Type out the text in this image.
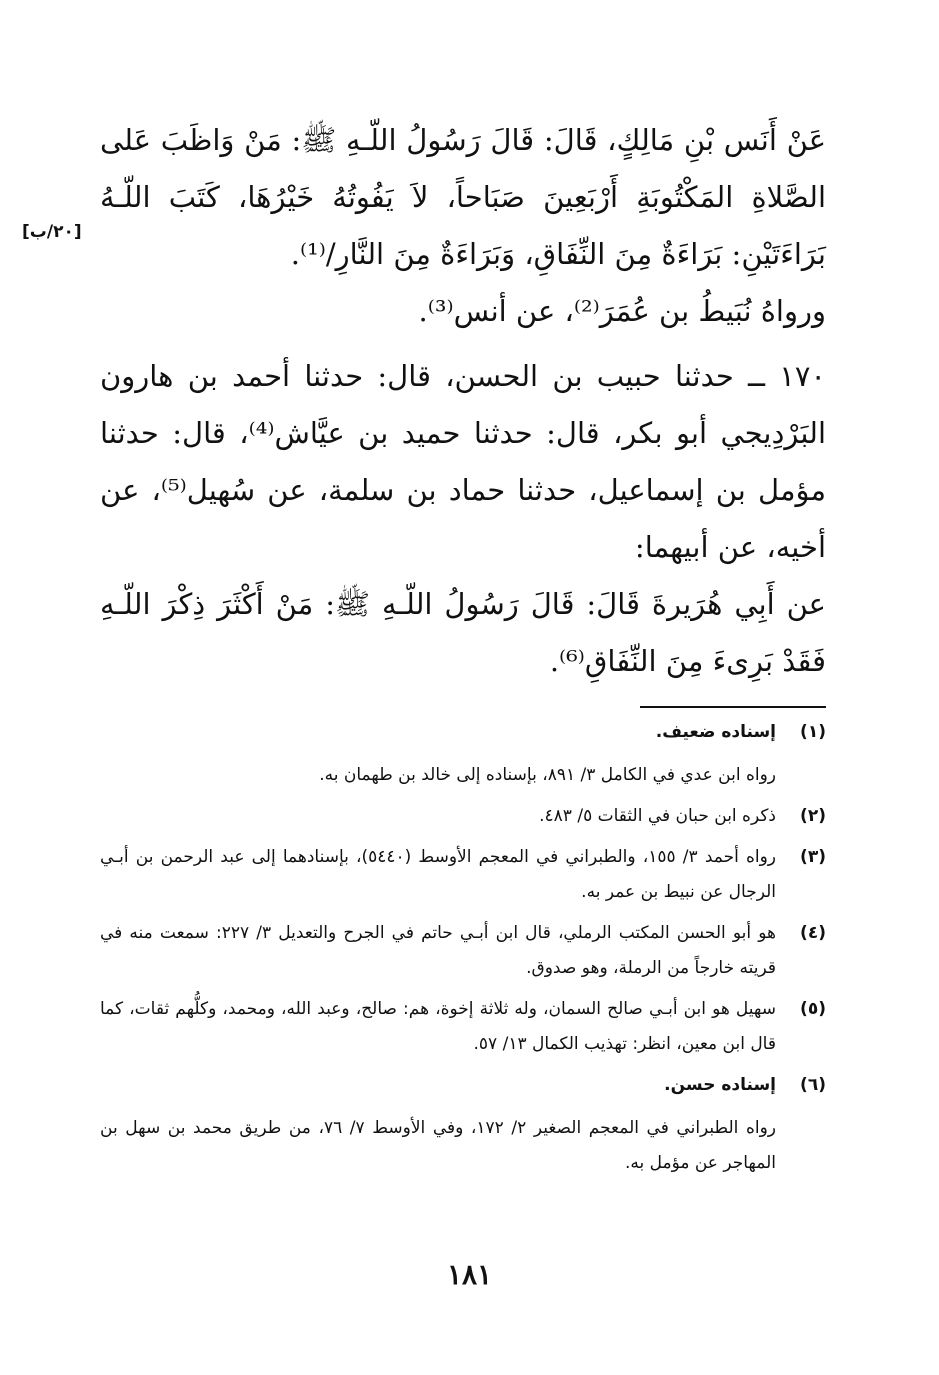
عَنْ أَنَس بْنِ مَالِكٍ، قَالَ: قَالَ رَسُولُ اللّـهِ ﷺ: مَنْ وَاظَبَ عَلى الصَّلاةِ المَكْتُوبَةِ أَرْبَعِينَ صَبَاحاً، لاَ يَفُوتُهُ خَيْرُهَا، كَتَبَ اللّـهُ بَرَاءَتَيْنِ: بَرَاءَةٌ مِنَ النِّفَاقِ، وَبَرَاءَةٌ مِنَ النَّارِ/⁽¹⁾.

[٢٠/ب]

ورواهُ نُبَيطُ بن عُمَرَ⁽²⁾، عن أنس⁽³⁾.

١٧٠ ــ حدثنا حبيب بن الحسن، قال: حدثنا أحمد بن هارون البَرْدِيجي أبو بكر، قال: حدثنا حميد بن عيَّاش⁽⁴⁾، قال: حدثنا مؤمل بن إسماعيل، حدثنا حماد بن سلمة، عن سُهيل⁽⁵⁾، عن أخيه، عن أبيهما:

عن أَبِي هُرَيرةَ قَالَ: قَالَ رَسُولُ اللّـهِ ﷺ: مَنْ أَكْثَرَ ذِكْرَ اللّـهِ فَقَدْ بَرِىءَ مِنَ النِّفَاقِ⁽⁶⁾.

(١)
إسناده ضعيف.

رواه ابن عدي في الكامل ٣/ ٨٩١، بإسناده إلى خالد بن طهمان به.

(٢)
ذكره ابن حبان في الثقات ٥/ ٤٨٣.
(٣)
رواه أحمد ٣/ ١٥٥، والطبراني في المعجم الأوسط (٥٤٤٠)، بإسنادهما إلى عبد الرحمن بن أبـي الرجال عن نبيط بن عمر به.
(٤)
هو أبو الحسن المكتب الرملي، قال ابن أبـي حاتم في الجرح والتعديل ٣/ ٢٢٧: سمعت منه في قريته خارجاً من الرملة، وهو صدوق.
(٥)
سهيل هو ابن أبـي صالح السمان، وله ثلاثة إخوة، هم: صالح، وعبد الله، ومحمد، وكلُّهم ثقات، كما قال ابن معين، انظر: تهذيب الكمال ١٣/ ٥٧.
(٦)
إسناده حسن.

رواه الطبراني في المعجم الصغير ٢/ ١٧٢، وفي الأوسط ٧/ ٧٦، من طريق محمد بن سهل بن المهاجر عن مؤمل به.

١٨١
